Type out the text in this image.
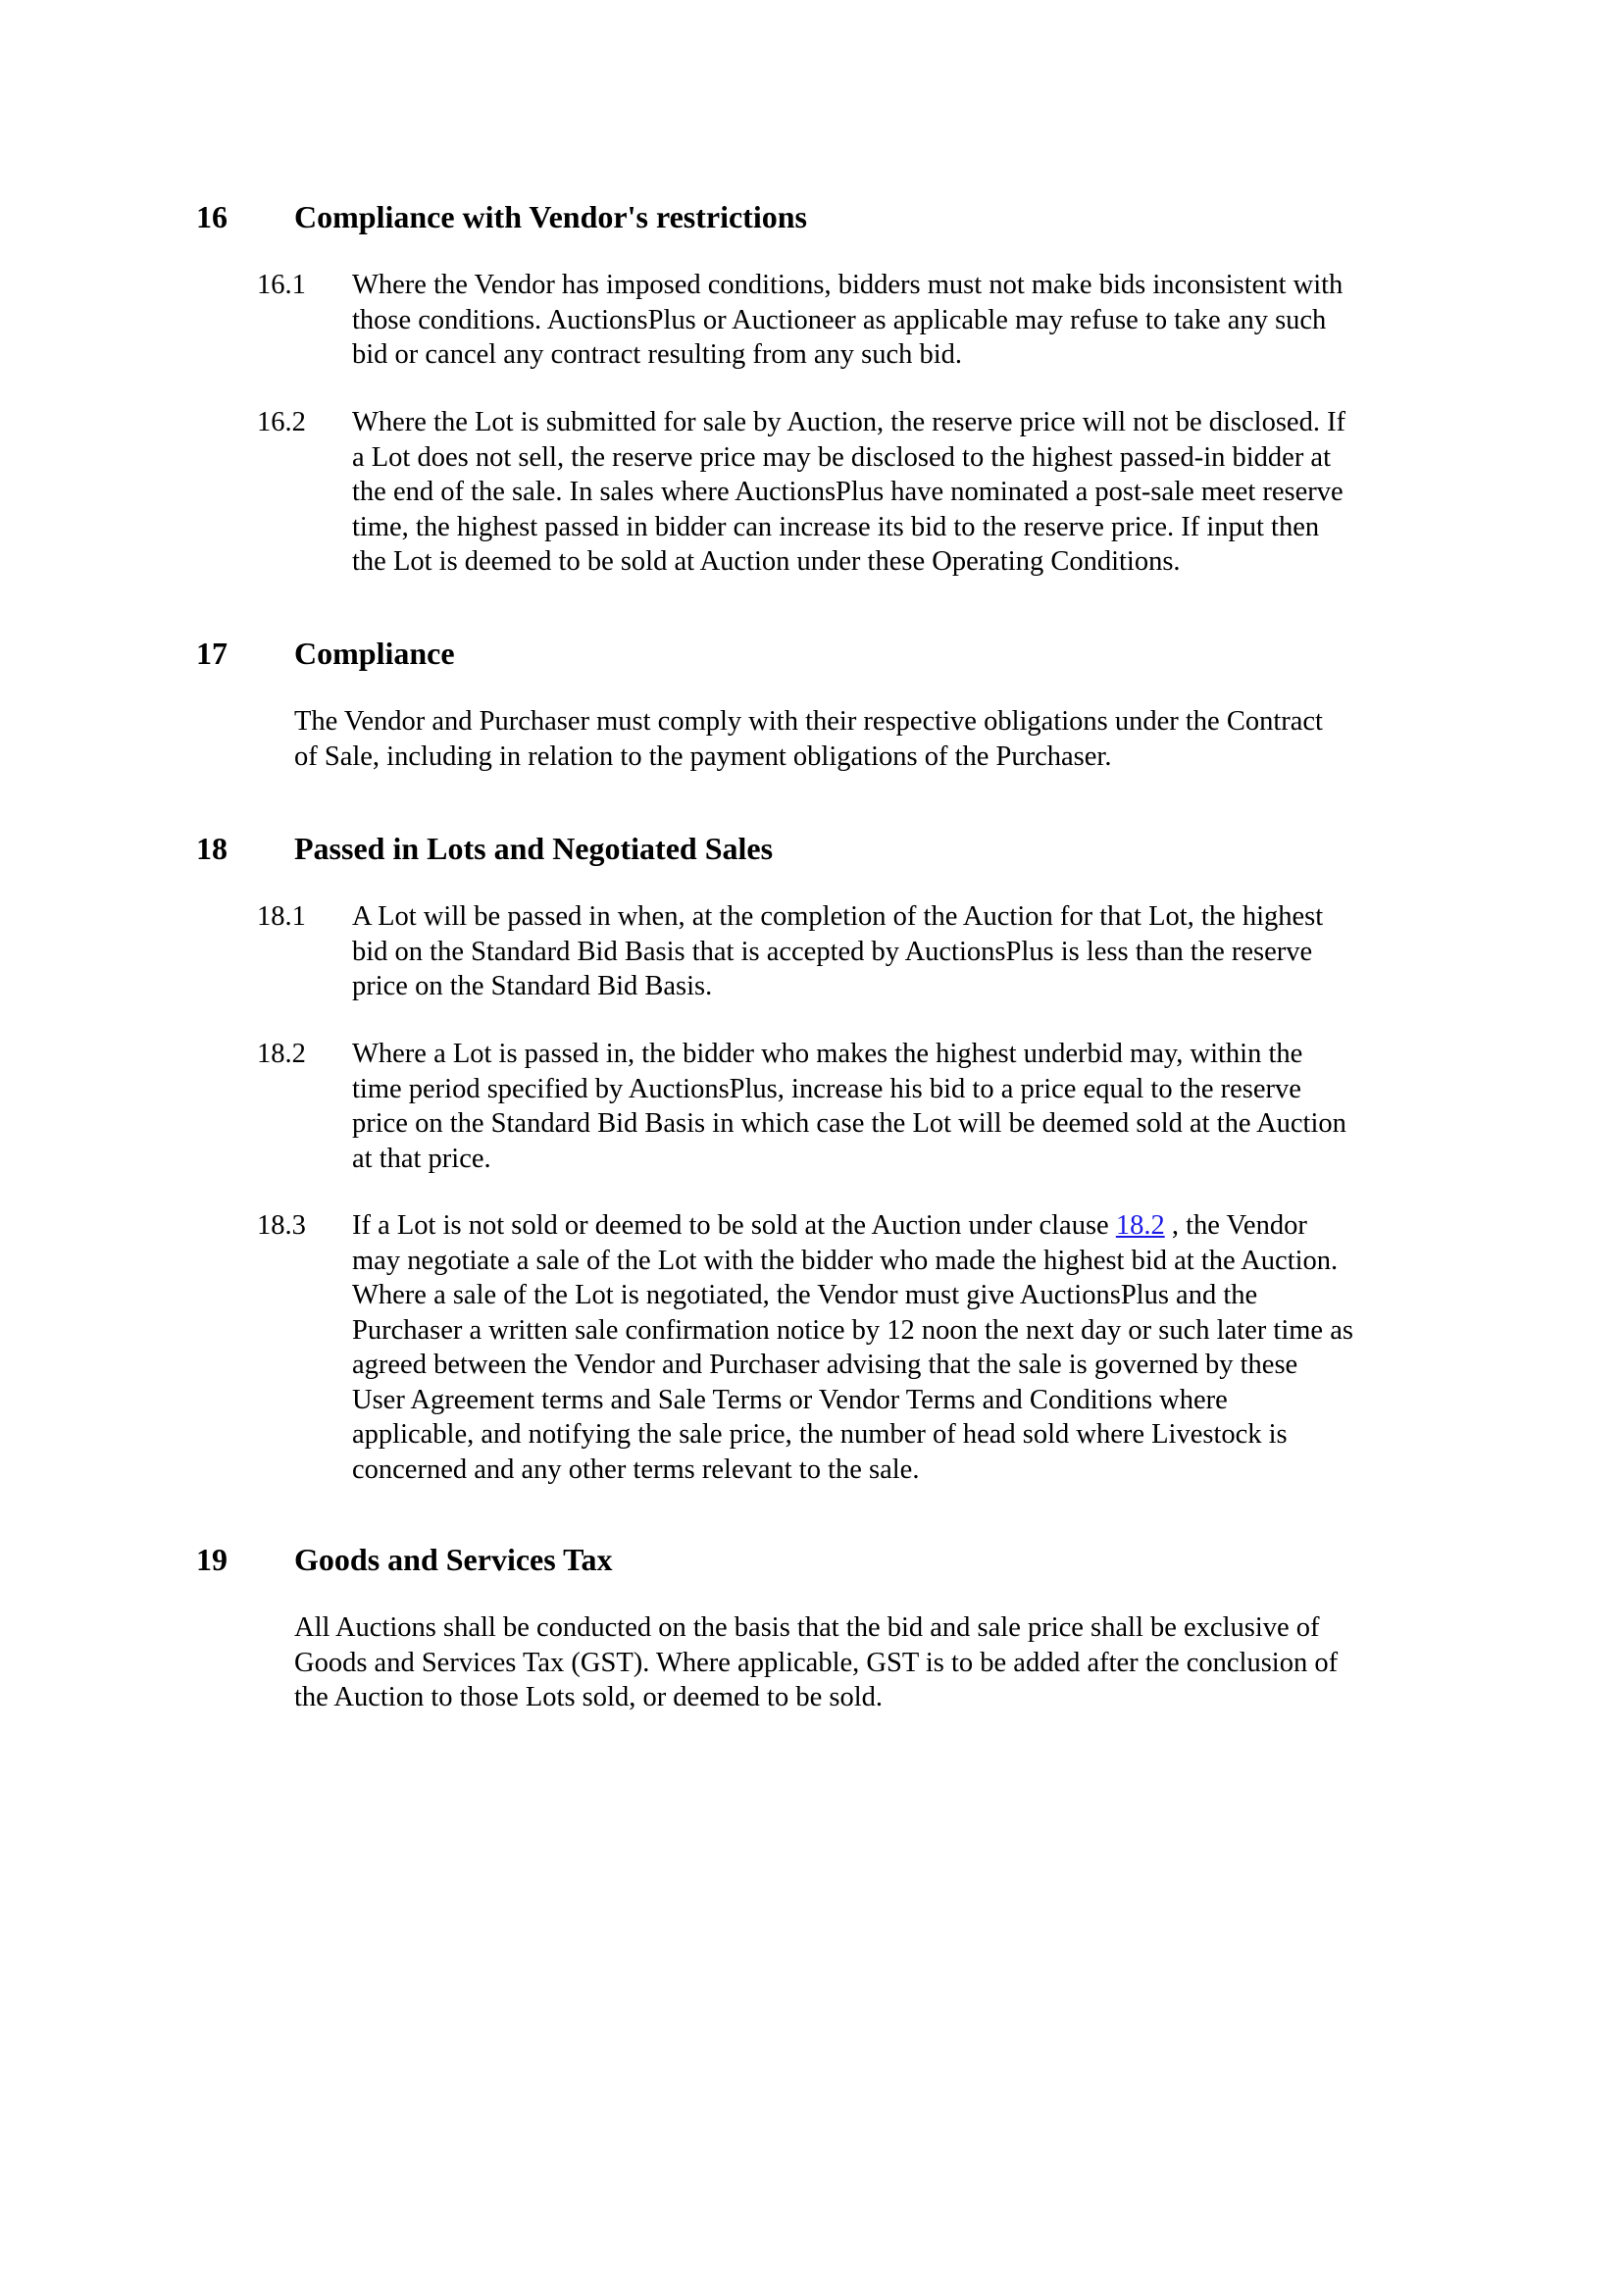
16 Compliance with Vendor's restrictions
16.1 Where the Vendor has imposed conditions, bidders must not make bids inconsistent with
those conditions. AuctionsPlus or Auctioneer as applicable may refuse to take any such
bid or cancel any contract resulting from any such bid.
16.2 Where the Lot is submitted for sale by Auction, the reserve price will not be disclosed. If
a Lot does not sell, the reserve price may be disclosed to the highest passed-in bidder at
the end of the sale. In sales where AuctionsPlus have nominated a post-sale meet reserve
time, the highest passed in bidder can increase its bid to the reserve price. If input then
the Lot is deemed to be sold at Auction under these Operating Conditions.
17 Compliance
The Vendor and Purchaser must comply with their respective obligations under the Contract
of Sale, including in relation to the payment obligations of the Purchaser.
18 Passed in Lots and Negotiated Sales
18.1 A Lot will be passed in when, at the completion of the Auction for that Lot, the highest
bid on the Standard Bid Basis that is accepted by AuctionsPlus is less than the reserve
price on the Standard Bid Basis.
18.2 Where a Lot is passed in, the bidder who makes the highest underbid may, within the
time period specified by AuctionsPlus, increase his bid to a price equal to the reserve
price on the Standard Bid Basis in which case the Lot will be deemed sold at the Auction
at that price.
18.3 If a Lot is not sold or deemed to be sold at the Auction under clause 18.2 , the Vendor
may negotiate a sale of the Lot with the bidder who made the highest bid at the Auction.
Where a sale of the Lot is negotiated, the Vendor must give AuctionsPlus and the
Purchaser a written sale confirmation notice by 12 noon the next day or such later time as
agreed between the Vendor and Purchaser advising that the sale is governed by these
User Agreement terms and Sale Terms or Vendor Terms and Conditions where
applicable, and notifying the sale price, the number of head sold where Livestock is
concerned and any other terms relevant to the sale.
19 Goods and Services Tax
All Auctions shall be conducted on the basis that the bid and sale price shall be exclusive of
Goods and Services Tax (GST). Where applicable, GST is to be added after the conclusion of
the Auction to those Lots sold, or deemed to be sold.
